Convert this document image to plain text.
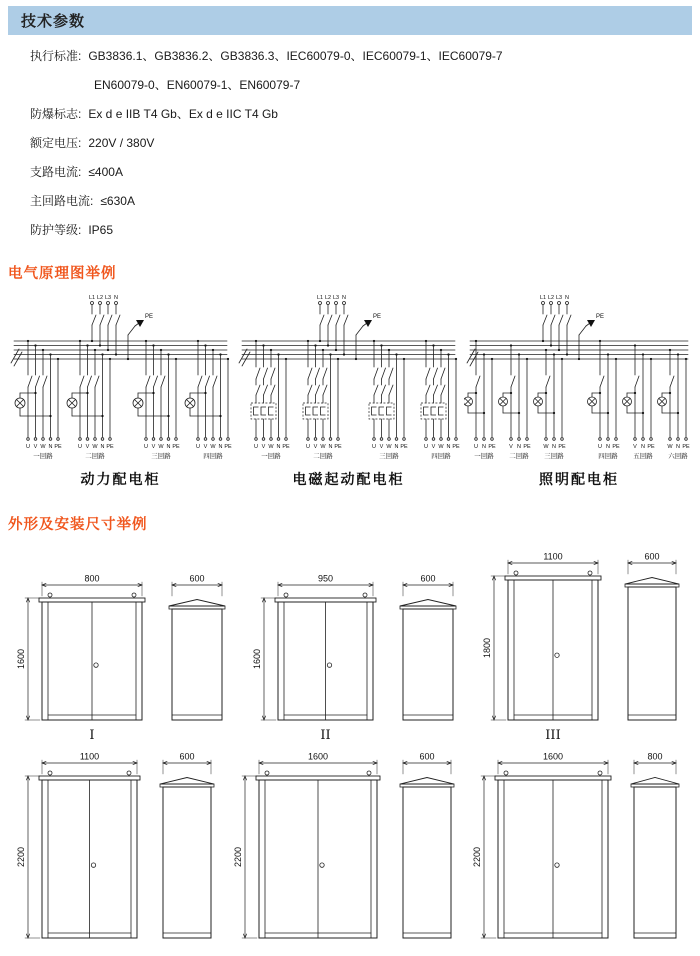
技术参数
执行标准: GB3836.1、GB3836.2、GB3836.3、IEC60079-0、IEC60079-1、IEC60079-7
EN60079-0、EN60079-1、EN60079-7
防爆标志: Ex d e IIB T4 Gb、Ex d e IIC T4 Gb
额定电压: 220V / 380V
支路电流: ≤400A
主回路电流: ≤630A
防护等级: IP65
电气原理图举例
L1 L2 L3 N
PE
U V W N PE
一回路
U V W N PE
二回路
U V W N PE
三回路
U V W N PE
四回路
动力配电柜
L1 L2 L3 N
PE
U V W N PE
一回路
U V W N PE
二回路
U V W N PE
三回路
U V W N PE
四回路
电磁起动配电柜
L1 L2 L3 N
PE
U N PE
一回路
V N PE
二回路
W N PE
三回路
U N PE
四回路
V N PE
五回路
W N PE
六回路
照明配电柜
外形及安装尺寸举例
800
1600
600
I
950
1600
600
II
1100
1800
600
III
1100
2200
600	1600
2200
600	1600
2200
800
